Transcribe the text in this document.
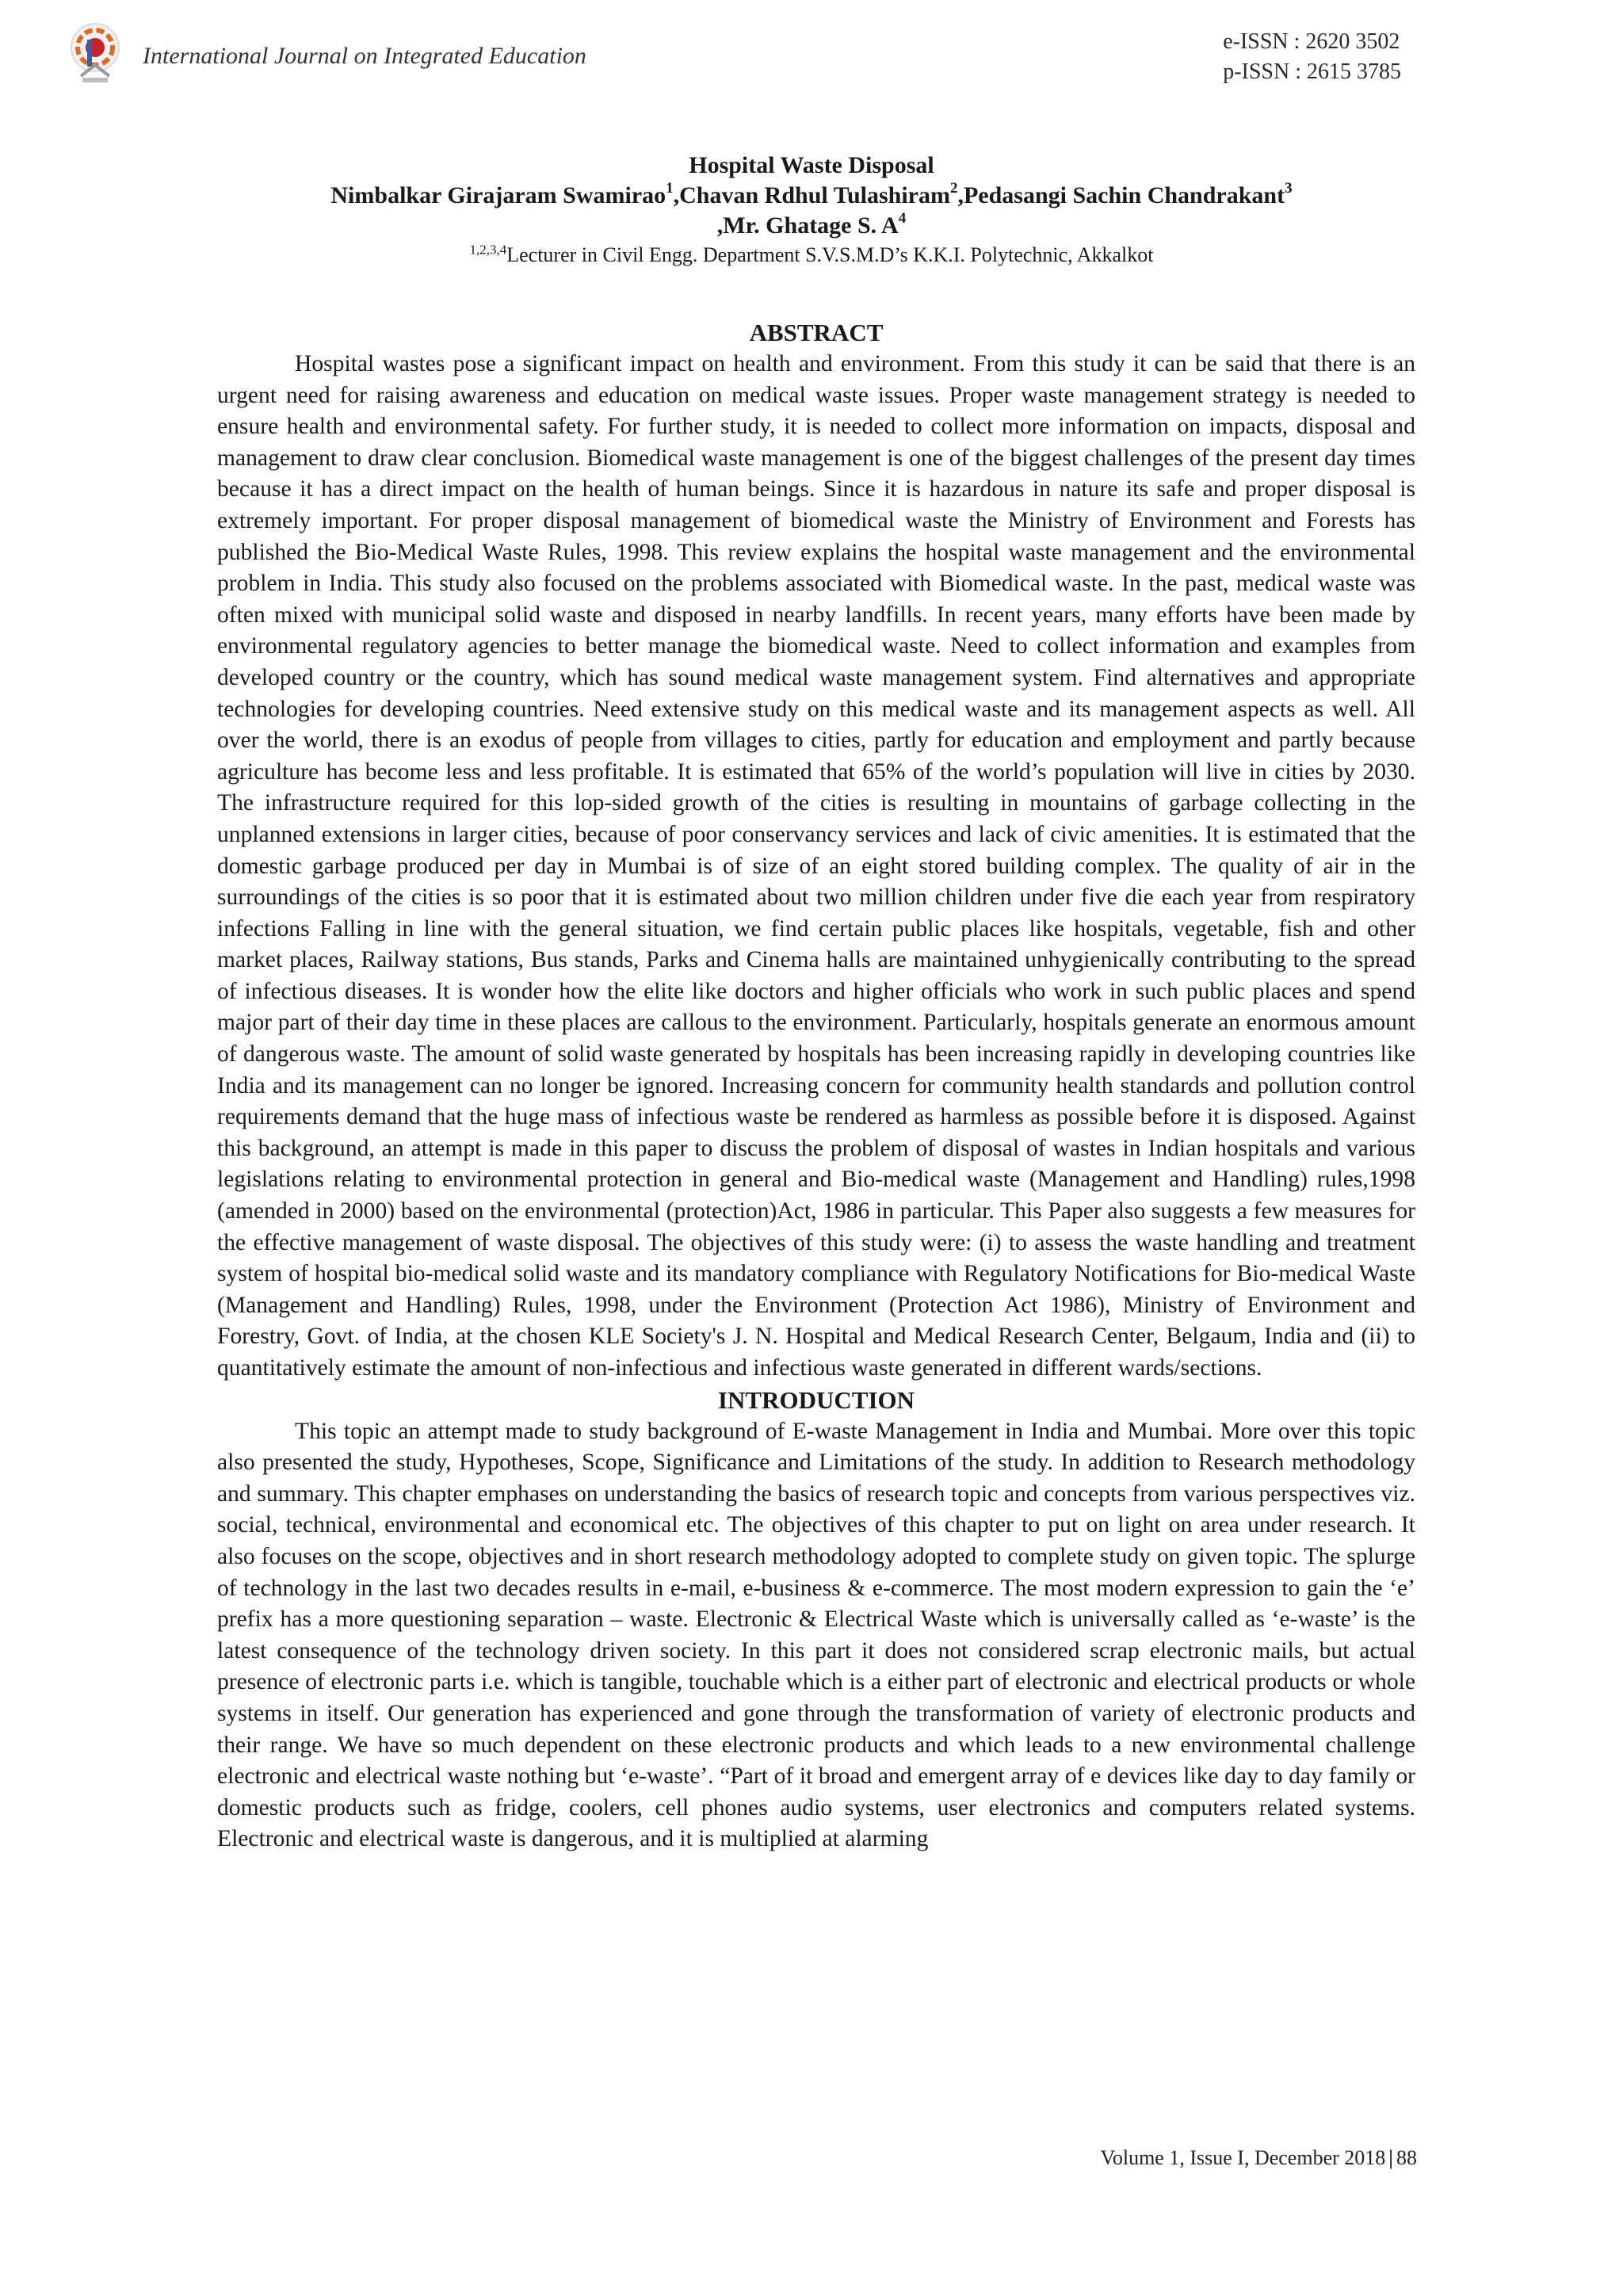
International Journal on Integrated Education
e-ISSN : 2620 3502
p-ISSN : 2615 3785

Hospital Waste Disposal

Nimbalkar Girajaram Swamirao$^1$,Chavan Rdhul Tulashiram$^2$,Pedasangi Sachin Chandrakant$^3$

,Mr. Ghatage S. $A^4$

$^{1,2,3,4}$Lecturer in Civil Engg. Department S.V.S.M.D’s K.K.I. Polytechnic, Akkalkot

ABSTRACT

Hospital wastes pose a significant impact on health and environment. From this study it can be said that there is an urgent need for raising awareness and education on medical waste issues. Proper waste management strategy is needed to ensure health and environmental safety. For further study, it is needed to collect more information on impacts, disposal and management to draw clear conclusion. Biomedical waste management is one of the biggest challenges of the present day times because it has a direct impact on the health of human beings. Since it is hazardous in nature its safe and proper disposal is extremely important. For proper disposal management of biomedical waste the Ministry of Environment and Forests has published the Bio-Medical Waste Rules, 1998. This review explains the hospital waste management and the environmental problem in India. This study also focused on the problems associated with Biomedical waste. In the past, medical waste was often mixed with municipal solid waste and disposed in nearby landfills. In recent years, many efforts have been made by environmental regulatory agencies to better manage the biomedical waste. Need to collect information and examples from developed country or the country, which has sound medical waste management system. Find alternatives and appropriate technologies for developing countries. Need extensive study on this medical waste and its management aspects as well. All over the world, there is an exodus of people from villages to cities, partly for education and employment and partly because agriculture has become less and less profitable. It is estimated that 65% of the world’s population will live in cities by 2030. The infrastructure required for this lop-sided growth of the cities is resulting in mountains of garbage collecting in the unplanned extensions in larger cities, because of poor conservancy services and lack of civic amenities. It is estimated that the domestic garbage produced per day in Mumbai is of size of an eight stored building complex. The quality of air in the surroundings of the cities is so poor that it is estimated about two million children under five die each year from respiratory infections Falling in line with the general situation, we find certain public places like hospitals, vegetable, fish and other market places, Railway stations, Bus stands, Parks and Cinema halls are maintained unhygienically contributing to the spread of infectious diseases. It is wonder how the elite like doctors and higher officials who work in such public places and spend major part of their day time in these places are callous to the environment. Particularly, hospitals generate an enormous amount of dangerous waste. The amount of solid waste generated by hospitals has been increasing rapidly in developing countries like India and its management can no longer be ignored. Increasing concern for community health standards and pollution control requirements demand that the huge mass of infectious waste be rendered as harmless as possible before it is disposed. Against this background, an attempt is made in this paper to discuss the problem of disposal of wastes in Indian hospitals and various legislations relating to environmental protection in general and Bio-medical waste (Management and Handling) rules,1998 (amended in 2000) based on the environmental (protection)Act, 1986 in particular. This Paper also suggests a few measures for the effective management of waste disposal. The objectives of this study were: (i) to assess the waste handling and treatment system of hospital bio-medical solid waste and its mandatory compliance with Regulatory Notifications for Bio-medical Waste (Management and Handling) Rules, 1998, under the Environment (Protection Act 1986), Ministry of Environment and Forestry, Govt. of India, at the chosen KLE Society's J. N. Hospital and Medical Research Center, Belgaum, India and (ii) to quantitatively estimate the amount of non-infectious and infectious waste generated in different wards/sections.

INTRODUCTION

This topic an attempt made to study background of E-waste Management in India and Mumbai. More over this topic also presented the study, Hypotheses, Scope, Significance and Limitations of the study. In addition to Research methodology and summary. This chapter emphases on understanding the basics of research topic and concepts from various perspectives viz. social, technical, environmental and economical etc. The objectives of this chapter to put on light on area under research. It also focuses on the scope, objectives and in short research methodology adopted to complete study on given topic. The splurge of technology in the last two decades results in e-mail, e-business & e-commerce. The most modern expression to gain the ‘e’ prefix has a more questioning separation – waste. Electronic & Electrical Waste which is universally called as ‘e-waste’ is the latest consequence of the technology driven society. In this part it does not considered scrap electronic mails, but actual presence of electronic parts i.e. which is tangible, touchable which is a either part of electronic and electrical products or whole systems in itself. Our generation has experienced and gone through the transformation of variety of electronic products and their range. We have so much dependent on these electronic products and which leads to a new environmental challenge electronic and electrical waste nothing but ‘e-waste’. “Part of it broad and emergent array of e devices like day to day family or domestic products such as fridge, coolers, cell phones audio systems, user electronics and computers related systems. Electronic and electrical waste is dangerous, and it is multiplied at alarming

Volume 1, Issue I, December 2018 | 88
